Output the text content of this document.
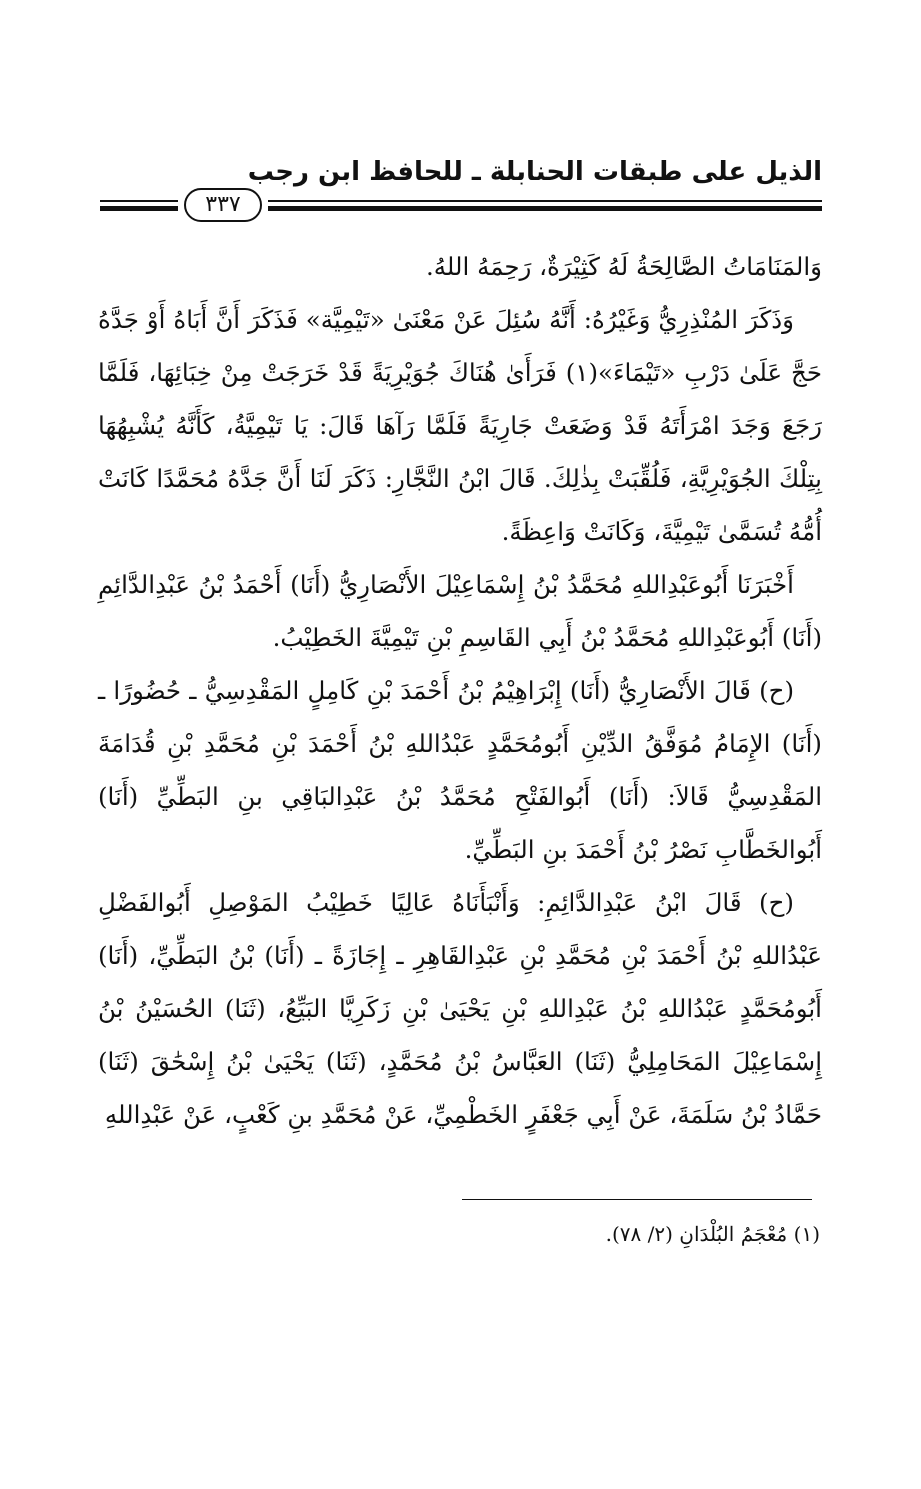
الذيل على طبقات الحنابلة ـ للحافظ ابن رجب
٣٣٧

وَالمَنَامَاتُ الصَّالِحَةُ لَهُ كَثِيْرَةٌ، رَحِمَهُ اللهُ.

وَذَكَرَ المُنْذِرِيُّ وَغَيْرُهُ: أَنَّهُ سُئِلَ عَنْ مَعْنَىٰ «تَيْمِيَّة» فَذَكَرَ أَنَّ أَبَاهُ أَوْ جَدَّهُ حَجَّ عَلَىٰ دَرْبِ «تَيْمَاءَ»(١) فَرَأَىٰ هُنَاكَ جُوَيْرِيَةً قَدْ خَرَجَتْ مِنْ خِبَائِهَا، فَلَمَّا رَجَعَ وَجَدَ امْرَأَتَهُ قَدْ وَضَعَتْ جَارِيَةً فَلَمَّا رَآهَا قَالَ: يَا تَيْمِيَّةُ، كَأَنَّهُ يُشْبِهُهَا بِتِلْكَ الجُوَيْرِيَّةِ، فَلُقِّبَتْ بِذٰلِكَ. قَالَ ابْنُ النَّجَّارِ: ذَكَرَ لَنَا أَنَّ جَدَّهُ مُحَمَّدًا كَانَتْ أُمُّهُ تُسَمَّىٰ تَيْمِيَّةَ، وَكَانَتْ وَاعِظَةً.

أَخْبَرَنَا أَبُوعَبْدِاللهِ مُحَمَّدُ بْنُ إِسْمَاعِيْلَ الأَنْصَارِيُّ (أَنَا) أَحْمَدُ بْنُ عَبْدِالدَّائِمِ (أَنَا) أَبُوعَبْدِاللهِ مُحَمَّدُ بْنُ أَبِي القَاسِمِ بْنِ تَيْمِيَّةَ الخَطِيْبُ.

(ح) قَالَ الأَنْصَارِيُّ (أَنَا) إِبْرَاهِيْمُ بْنُ أَحْمَدَ بْنِ كَامِلٍ المَقْدِسِيُّ ـ حُضُورًا ـ (أَنَا) الإِمَامُ مُوَفَّقُ الدِّيْنِ أَبُومُحَمَّدٍ عَبْدُاللهِ بْنُ أَحْمَدَ بْنِ مُحَمَّدِ بْنِ قُدَامَةَ المَقْدِسِيُّ قَالاَ: (أَنَا) أَبُوالفَتْحِ مُحَمَّدُ بْنُ عَبْدِالبَاقِي بنِ البَطِّيِّ (أَنَا) أَبُوالخَطَّابِ نَصْرُ بْنُ أَحْمَدَ بنِ البَطِّيِّ.

(ح) قَالَ ابْنُ عَبْدِالدَّائِمِ: وَأَنْبَأَنَاهُ عَالِيًا خَطِيْبُ المَوْصِلِ أَبُوالفَضْلِ عَبْدُاللهِ بْنُ أَحْمَدَ بْنِ مُحَمَّدِ بْنِ عَبْدِالقَاهِرِ ـ إِجَازَةً ـ (أَنَا) بْنُ البَطِّيِّ، (أَنَا) أَبُومُحَمَّدٍ عَبْدُاللهِ بْنُ عَبْدِاللهِ بْنِ يَحْيَىٰ بْنِ زَكَرِيَّا البَيِّعُ، (ثَنَا) الحُسَيْنُ بْنُ إِسْمَاعِيْلَ المَحَامِلِيُّ (ثَنَا) العَبَّاسُ بْنُ مُحَمَّدٍ، (ثَنَا) يَحْيَىٰ بْنُ إِسْحَٰقَ (ثَنَا) حَمَّادُ بْنُ سَلَمَةَ، عَنْ أَبِي جَعْفَرٍ الخَطْمِيِّ، عَنْ مُحَمَّدِ بنِ كَعْبٍ، عَنْ عَبْدِاللهِ

(١) مُعْجَمُ البُلْدَانِ (٢/ ٧٨).
